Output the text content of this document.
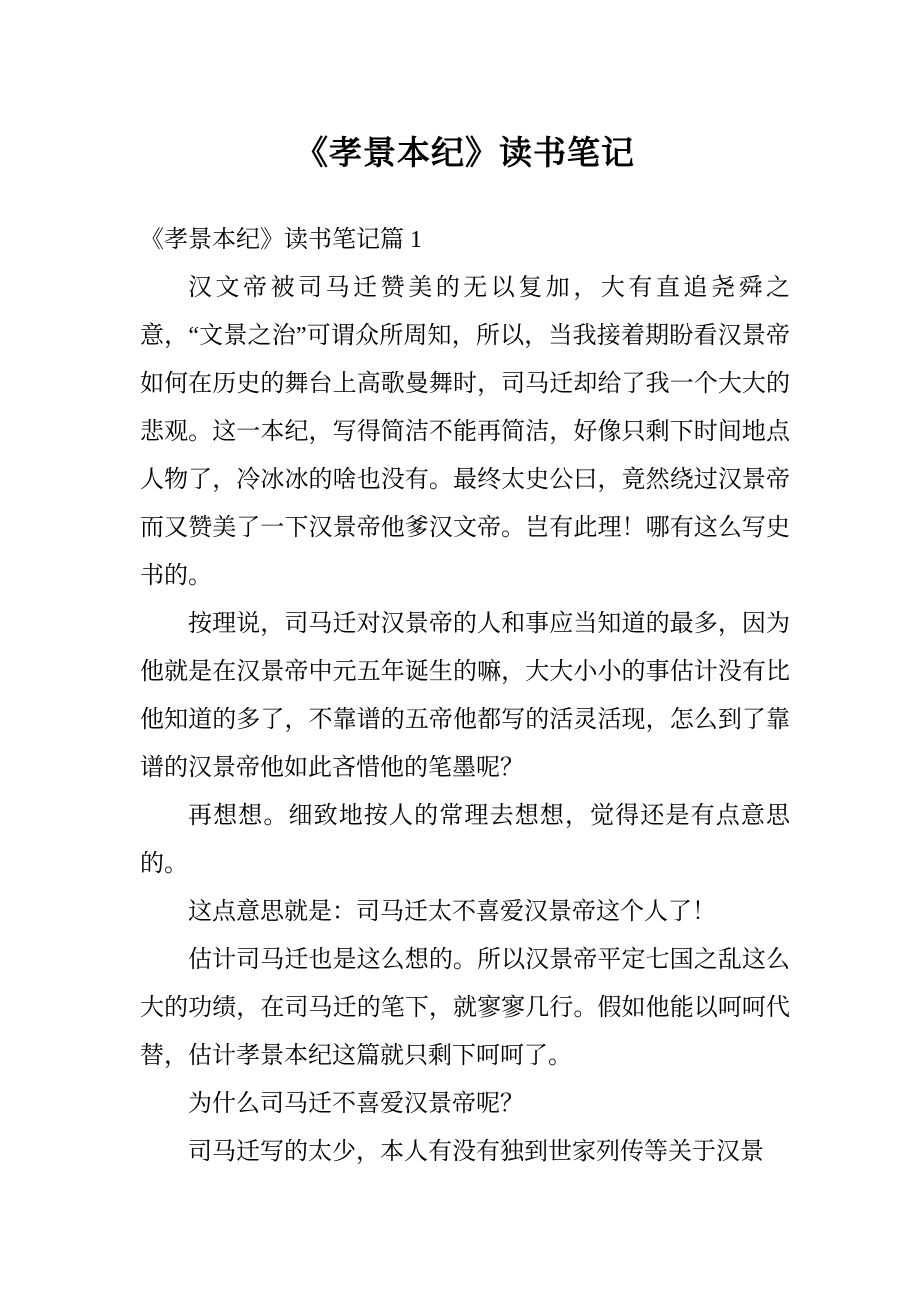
《孝景本纪》读书笔记
《孝景本纪》读书笔记篇 1

汉文帝被司马迁赞美的无以复加，大有直追尧舜之意，“文景之治”可谓众所周知，所以，当我接着期盼看汉景帝如何在历史的舞台上高歌曼舞时，司马迁却给了我一个大大的悲观。这一本纪，写得简洁不能再简洁，好像只剩下时间地点人物了，冷冰冰的啥也没有。最终太史公曰，竟然绕过汉景帝而又赞美了一下汉景帝他爹汉文帝。岂有此理！哪有这么写史书的。

按理说，司马迁对汉景帝的人和事应当知道的最多，因为他就是在汉景帝中元五年诞生的嘛，大大小小的事估计没有比他知道的多了，不靠谱的五帝他都写的活灵活现，怎么到了靠谱的汉景帝他如此吝惜他的笔墨呢？

再想想。细致地按人的常理去想想，觉得还是有点意思的。

这点意思就是：司马迁太不喜爱汉景帝这个人了！

估计司马迁也是这么想的。所以汉景帝平定七国之乱这么大的功绩，在司马迁的笔下，就寥寥几行。假如他能以呵呵代替，估计孝景本纪这篇就只剩下呵呵了。

为什么司马迁不喜爱汉景帝呢？

司马迁写的太少，本人有没有独到世家列传等关于汉景
